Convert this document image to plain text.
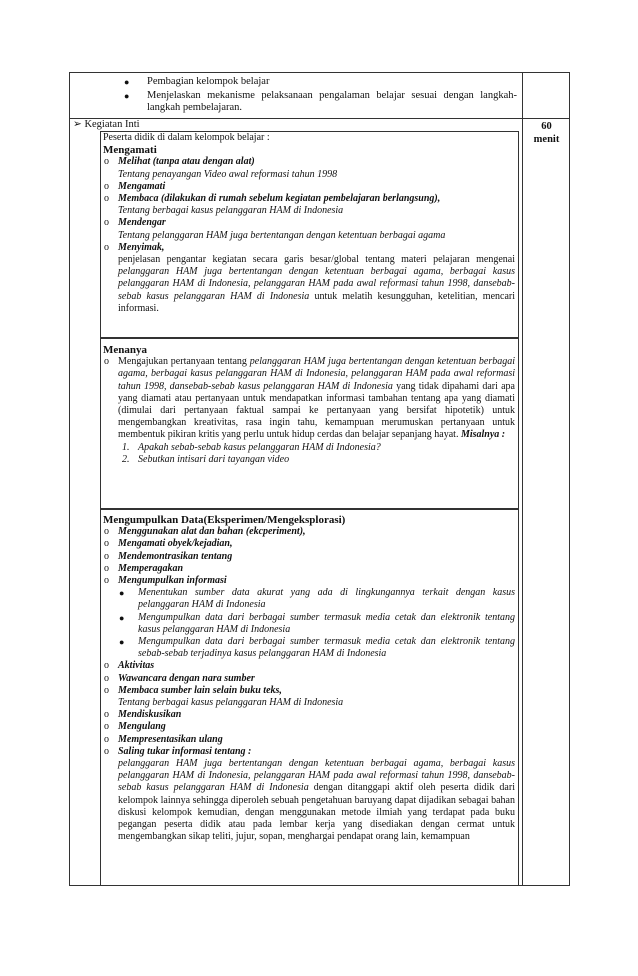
● Pembagian kelompok belajar
● Menjelaskan mekanisme pelaksanaan pengalaman belajar sesuai dengan langkah-langkah pembelajaran.
➢ Kegiatan Inti	60
menit
Peserta didik di dalam kelompok belajar :
Mengamati
o Melihat (tanpa atau dengan alat)
Tentang penayangan Video awal reformasi tahun 1998
o Mengamati
o Membaca (dilakukan di rumah sebelum kegiatan pembelajaran berlangsung),
Tentang berbagai kasus pelanggaran HAM di Indonesia
o Mendengar
Tentang pelanggaran HAM juga bertentangan dengan ketentuan berbagai agama
o Menyimak,
penjelasan pengantar kegiatan secara garis besar/global tentang materi pelajaran mengenai pelanggaran HAM juga bertentangan dengan ketentuan berbagai agama, berbagai kasus pelanggaran HAM di Indonesia, pelanggaran HAM pada awal reformasi tahun 1998, dansebab-sebab kasus pelanggaran HAM di Indonesia untuk melatih kesungguhan, ketelitian, mencari informasi.
Menanya
o Mengajukan pertanyaan tentang pelanggaran HAM juga bertentangan dengan ketentuan berbagai agama, berbagai kasus pelanggaran HAM di Indonesia, pelanggaran HAM pada awal reformasi tahun 1998, dansebab-sebab kasus pelanggaran HAM di Indonesia yang tidak dipahami dari apa yang diamati atau pertanyaan untuk mendapatkan informasi tambahan tentang apa yang diamati (dimulai dari pertanyaan faktual sampai ke pertanyaan yang bersifat hipotetik) untuk mengembangkan kreativitas, rasa ingin tahu, kemampuan merumuskan pertanyaan untuk membentuk pikiran kritis yang perlu untuk hidup cerdas dan belajar sepanjang hayat. Misalnya :
1. Apakah sebab-sebab kasus pelanggaran HAM di Indonesia?
2. Sebutkan intisari dari tayangan video
Mengumpulkan Data(Eksperimen/Mengeksplorasi)
o Menggunakan alat dan bahan (ekcperiment),
o Mengamati obyek/kejadian,
o Mendemontrasikan tentang
o Memperagakan
o Mengumpulkan informasi
● Menentukan sumber data akurat yang ada di lingkungannya terkait dengan kasus pelanggaran HAM di Indonesia
● Mengumpulkan data dari berbagai sumber termasuk media cetak dan elektronik tentang kasus pelanggaran HAM di Indonesia
● Mengumpulkan data dari berbagai sumber termasuk media cetak dan elektronik tentang sebab-sebab terjadinya kasus pelanggaran HAM di Indonesia
o Aktivitas
o Wawancara dengan nara sumber
o Membaca sumber lain selain buku teks,
Tentang berbagai kasus pelanggaran HAM di Indonesia
o Mendiskusikan
o Mengulang
o Mempresentasikan ulang
o Saling tukar informasi tentang :
pelanggaran HAM juga bertentangan dengan ketentuan berbagai agama, berbagai kasus pelanggaran HAM di Indonesia, pelanggaran HAM pada awal reformasi tahun 1998, dansebab-sebab kasus pelanggaran HAM di Indonesia dengan ditanggapi aktif oleh peserta didik dari kelompok lainnya sehingga diperoleh sebuah pengetahuan baruyang dapat dijadikan sebagai bahan diskusi kelompok kemudian, dengan menggunakan metode ilmiah yang terdapat pada buku pegangan peserta didik atau pada lembar kerja yang disediakan dengan cermat untuk mengembangkan sikap teliti, jujur, sopan, menghargai pendapat orang lain, kemampuan
